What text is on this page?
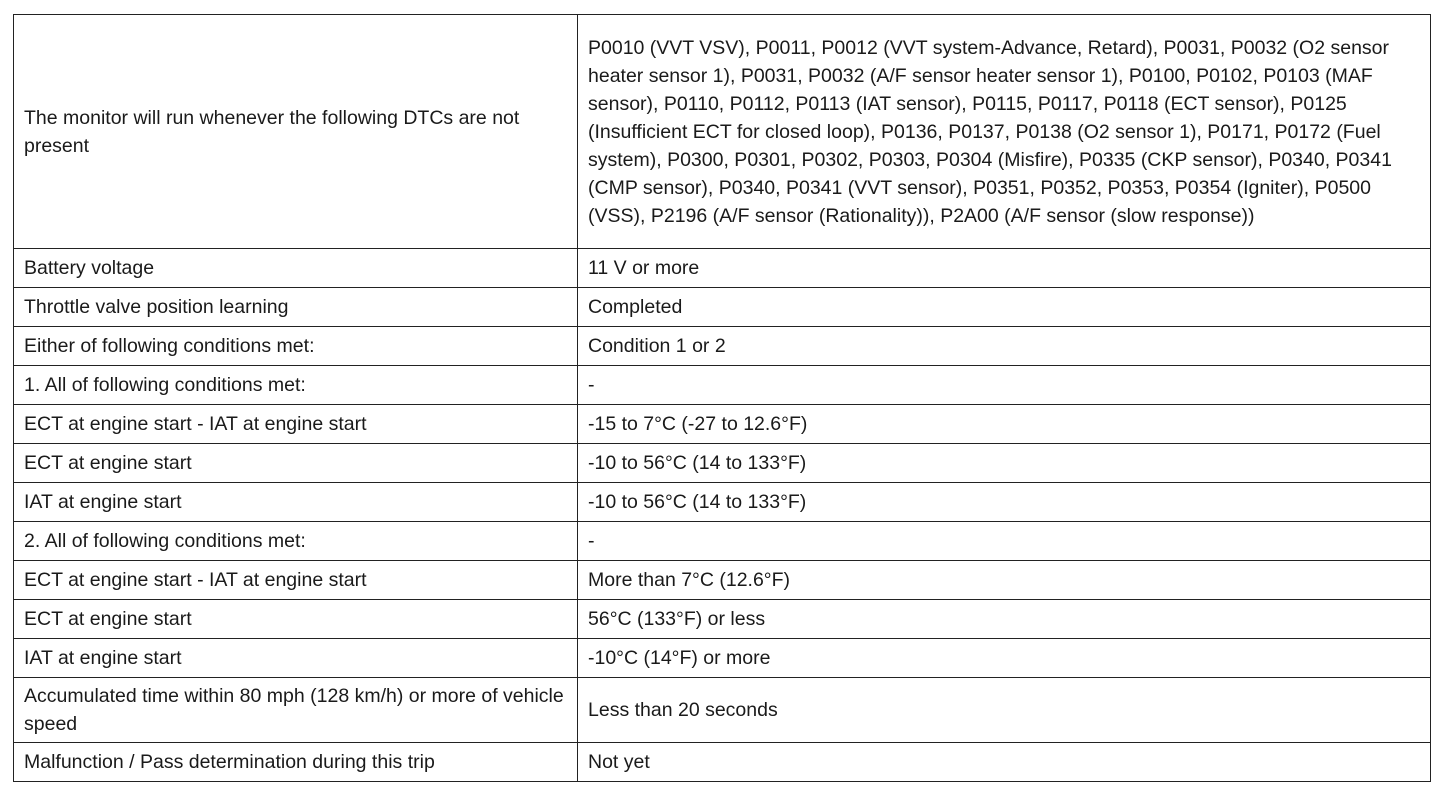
The monitor will run whenever the following DTCs are not present	P0010 (VVT VSV), P0011, P0012 (VVT system-Advance, Retard), P0031, P0032 (O2 sensor heater sensor 1), P0031, P0032 (A/F sensor heater sensor 1), P0100, P0102, P0103 (MAF sensor), P0110, P0112, P0113 (IAT sensor), P0115, P0117, P0118 (ECT sensor), P0125 (Insufficient ECT for closed loop), P0136, P0137, P0138 (O2 sensor 1), P0171, P0172 (Fuel system), P0300, P0301, P0302, P0303, P0304 (Misfire), P0335 (CKP sensor), P0340, P0341 (CMP sensor), P0340, P0341 (VVT sensor), P0351, P0352, P0353, P0354 (Igniter), P0500 (VSS), P2196 (A/F sensor (Rationality)), P2A00 (A/F sensor (slow response))
Battery voltage	11 V or more
Throttle valve position learning	Completed
Either of following conditions met:	Condition 1 or 2
1. All of following conditions met:	-
ECT at engine start - IAT at engine start	-15 to 7°C (-27 to 12.6°F)
ECT at engine start	-10 to 56°C (14 to 133°F)
IAT at engine start	-10 to 56°C (14 to 133°F)
2. All of following conditions met:	-
ECT at engine start - IAT at engine start	More than 7°C (12.6°F)
ECT at engine start	56°C (133°F) or less
IAT at engine start	-10°C (14°F) or more
Accumulated time within 80 mph (128 km/h) or more of vehicle speed	Less than 20 seconds
Malfunction / Pass determination during this trip	Not yet
